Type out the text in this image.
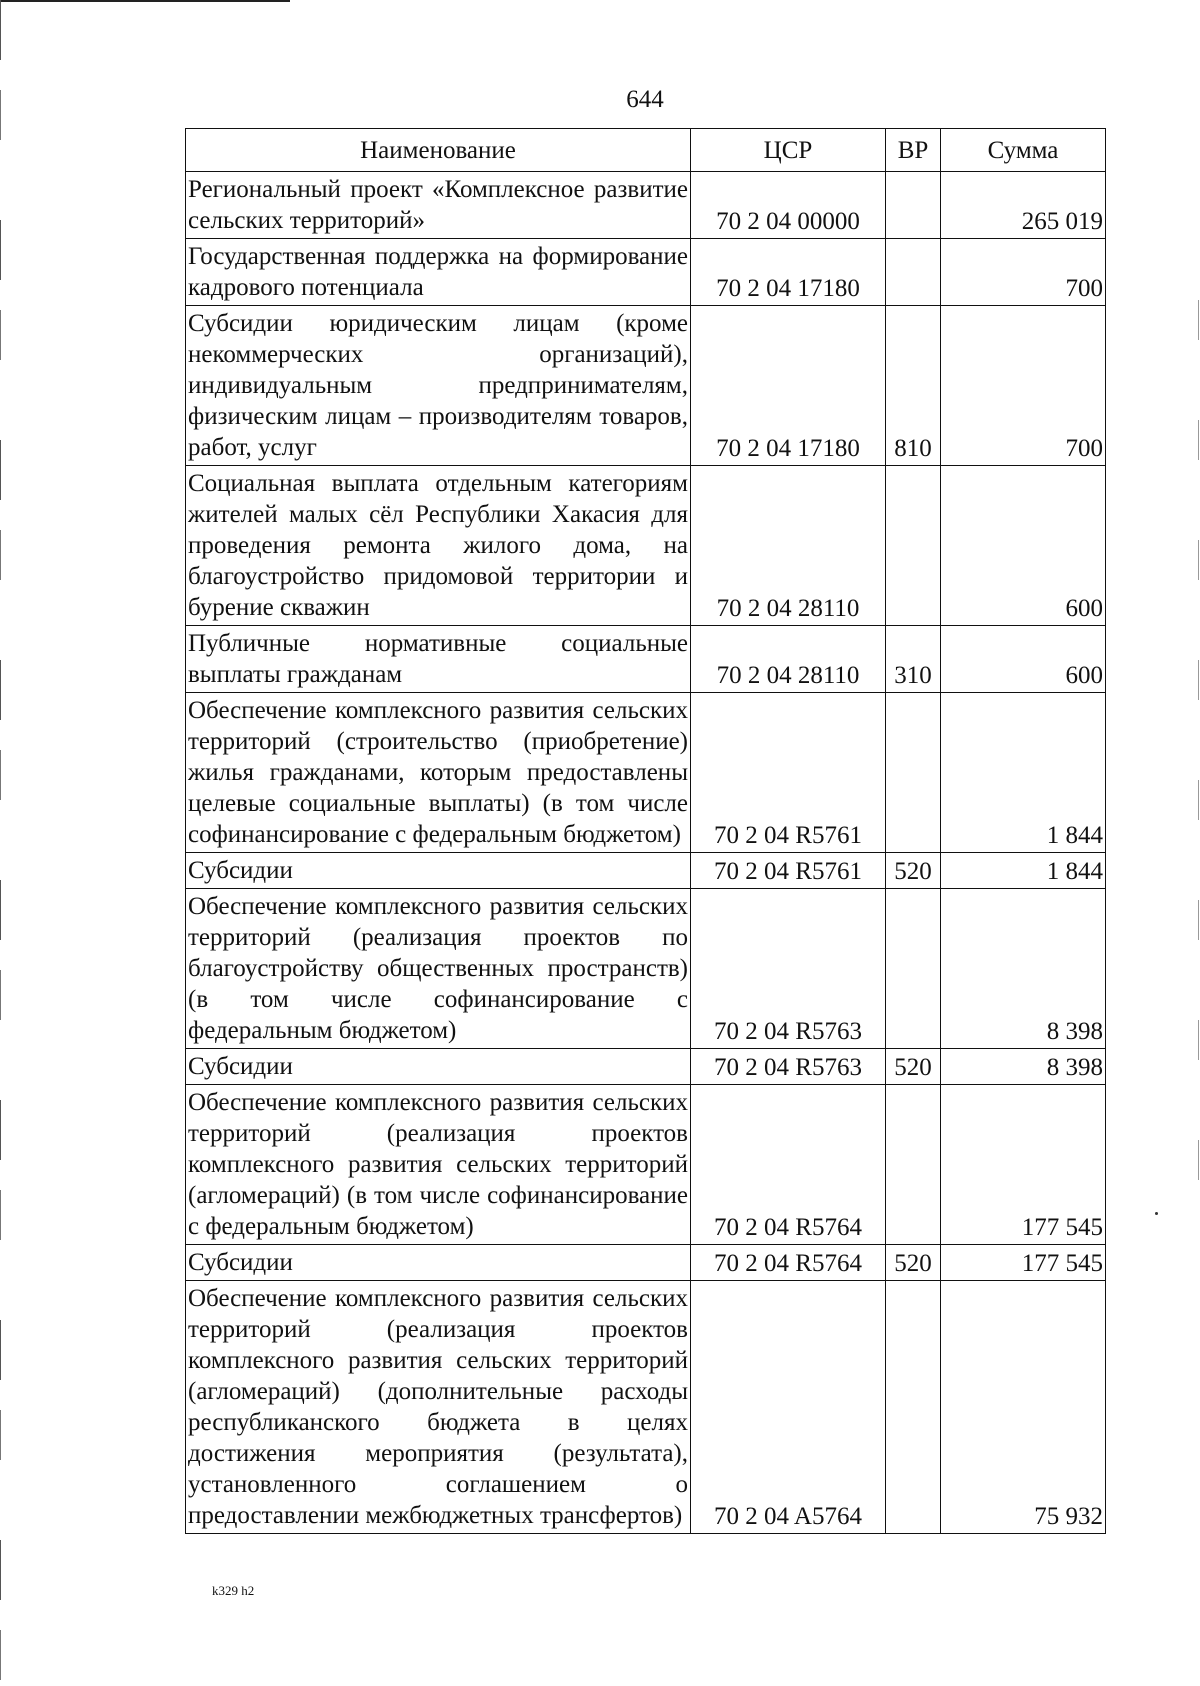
644
Наименование	ЦСР	ВР	Сумма
Региональный проект «Комплексное развитие сельских территорий»	70 2 04 00000		265 019
Государственная поддержка на формирование кадрового потенциала	70 2 04 17180		700
Субсидии юридическим лицам (кроме некоммерческих организаций), индивидуальным предпринимателям, физическим лицам – производителям товаров, работ, услуг	70 2 04 17180	810	700
Социальная выплата отдельным категориям жителей малых сёл Республики Хакасия для проведения ремонта жилого дома, на благоустройство придомовой территории и бурение скважин	70 2 04 28110		600
Публичные нормативные социальные выплаты гражданам	70 2 04 28110	310	600
Обеспечение комплексного развития сельских территорий (строительство (приобретение) жилья гражданами, которым предоставлены целевые социальные выплаты) (в том числе софинансирование с федеральным бюджетом)	70 2 04 R5761		1 844
Субсидии	70 2 04 R5761	520	1 844
Обеспечение комплексного развития сельских территорий (реализация проектов по благоустройству общественных пространств) (в том числе софинансирование с федеральным бюджетом)	70 2 04 R5763		8 398
Субсидии	70 2 04 R5763	520	8 398
Обеспечение комплексного развития сельских территорий (реализация проектов комплексного развития сельских территорий (агломераций) (в том числе софинансирование с федеральным бюджетом)	70 2 04 R5764		177 545
Субсидии	70 2 04 R5764	520	177 545
Обеспечение комплексного развития сельских территорий (реализация проектов комплексного развития сельских территорий (агломераций) (дополнительные расходы республиканского бюджета в целях достижения мероприятия (результата), установленного соглашением о предоставлении межбюджетных трансфертов)	70 2 04 A5764		75 932
k329 h2
